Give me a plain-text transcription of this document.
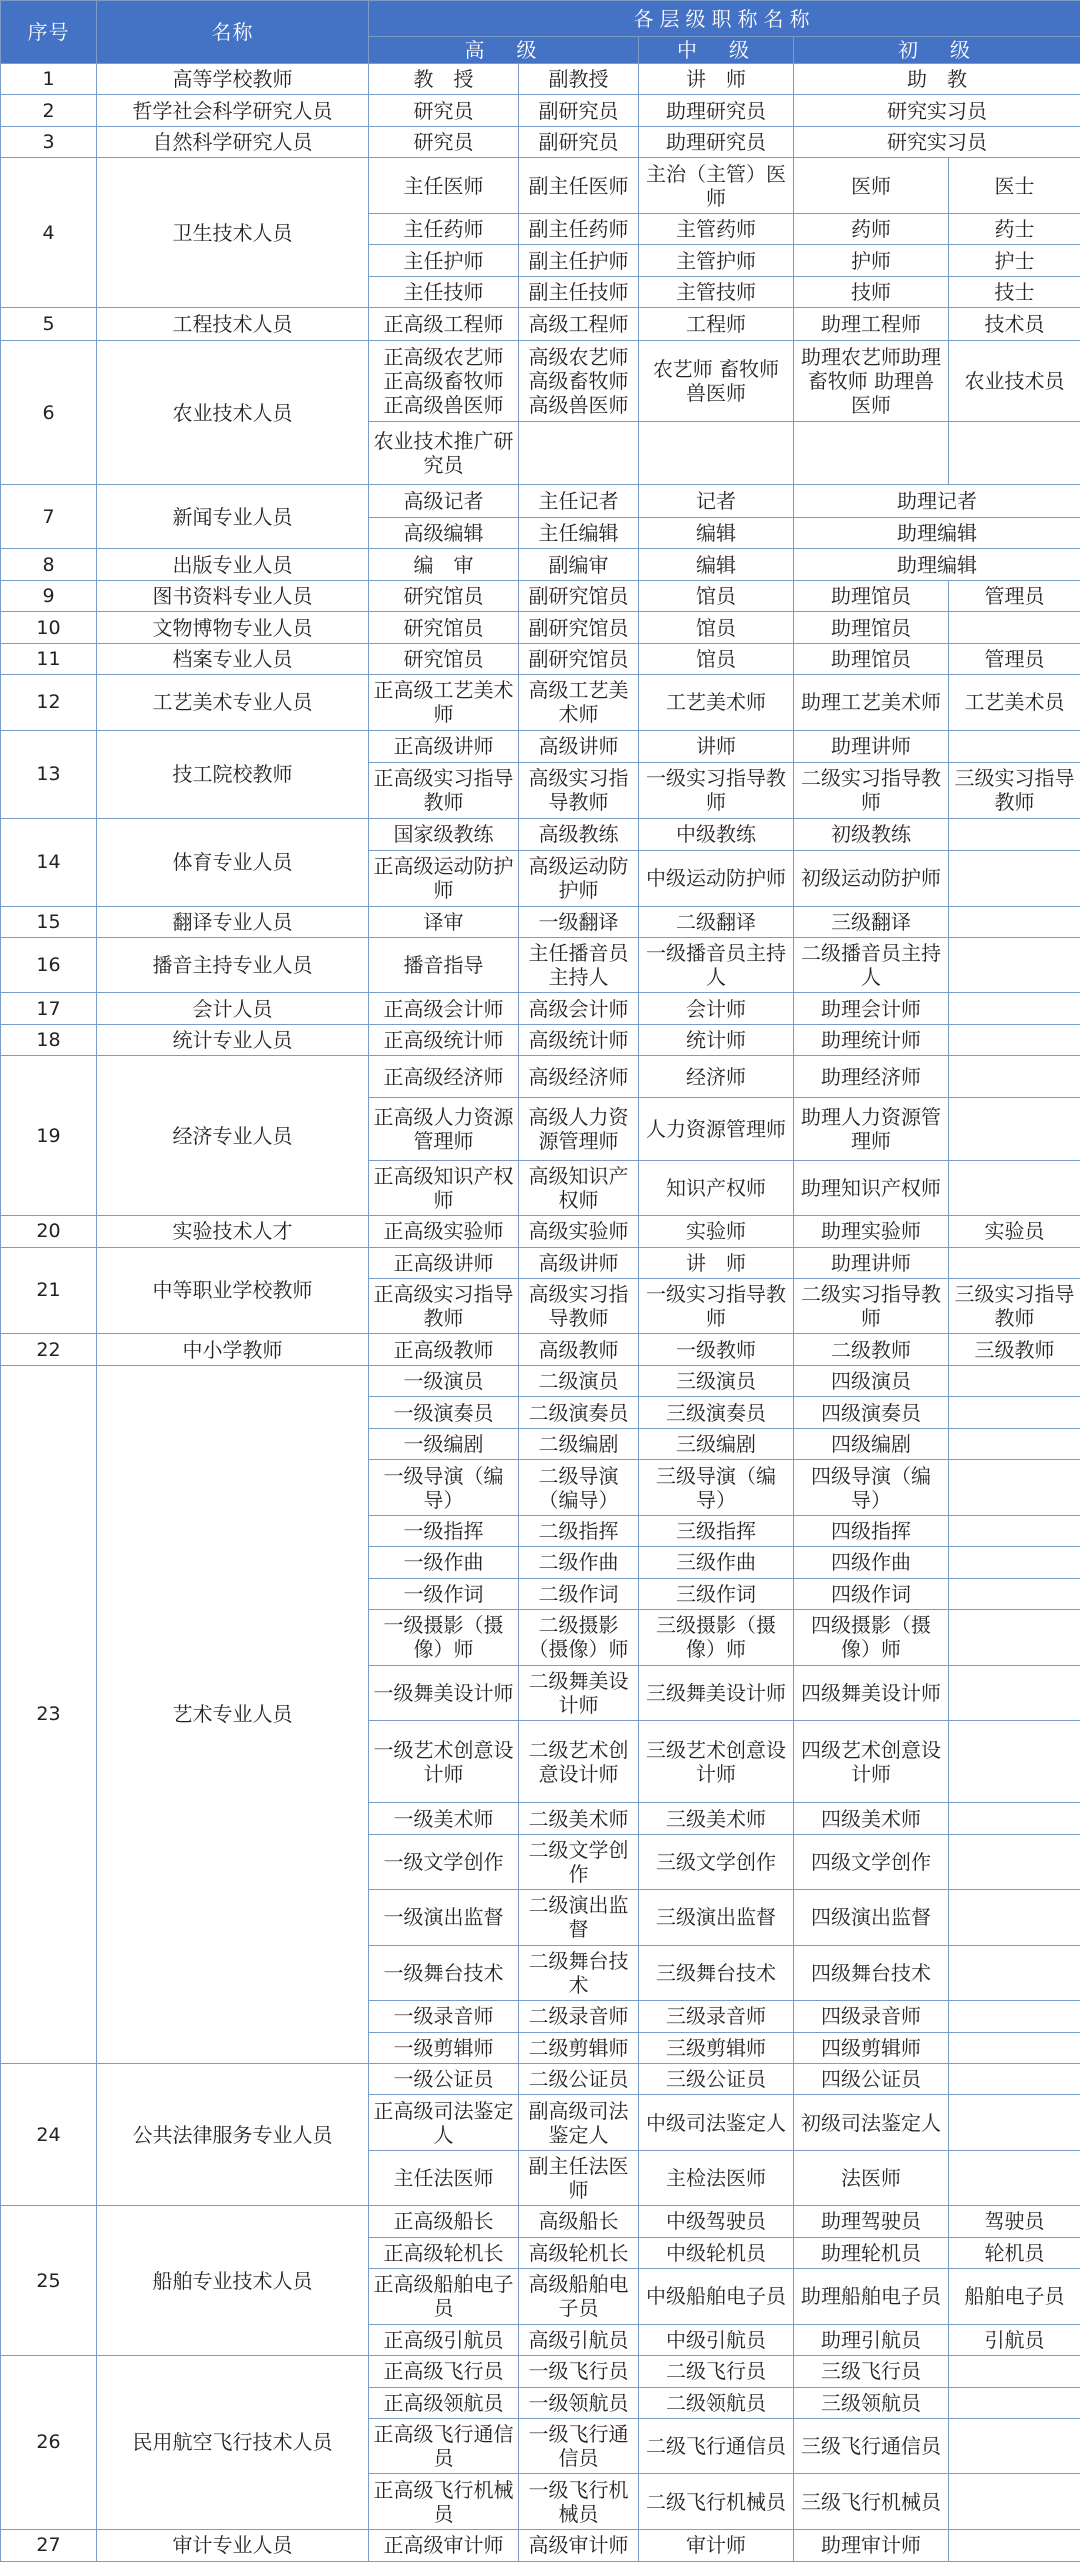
序号	名称	各层级职称名称				
		高　级		中　级	初　级	
1	高等学校教师	教　授	副教授	讲　师	助　教	
2	哲学社会科学研究人员	研究员	副研究员	助理研究员	研究实习员	
3	自然科学研究人员	研究员	副研究员	助理研究员	研究实习员	
4	卫生技术人员	主任医师	副主任医师	主治（主管）医师	医师	医士
		主任药师	副主任药师	主管药师	药师	药士
		主任护师	副主任护师	主管护师	护师	护士
		主任技师	副主任技师	主管技师	技师	技士
5	工程技术人员	正高级工程师	高级工程师	工程师	助理工程师	技术员
6	农业技术人员	正高级农艺师 正高级畜牧师 正高级兽医师	高级农艺师 高级畜牧师 高级兽医师	农艺师 畜牧师 兽医师	助理农艺师助理畜牧师 助理兽医师	农业技术员
		农业技术推广研究员				
7	新闻专业人员	高级记者	主任记者	记者	助理记者	
		高级编辑	主任编辑	编辑	助理编辑	
8	出版专业人员	编　审	副编审	编辑	助理编辑	
9	图书资料专业人员	研究馆员	副研究馆员	馆员	助理馆员	管理员
10	文物博物专业人员	研究馆员	副研究馆员	馆员	助理馆员	
11	档案专业人员	研究馆员	副研究馆员	馆员	助理馆员	管理员
12	工艺美术专业人员	正高级工艺美术师	高级工艺美术师	工艺美术师	助理工艺美术师	工艺美术员
13	技工院校教师	正高级讲师	高级讲师	讲师	助理讲师	
		正高级实习指导教师	高级实习指导教师	一级实习指导教师	二级实习指导教师	三级实习指导教师
14	体育专业人员	国家级教练	高级教练	中级教练	初级教练	
		正高级运动防护师	高级运动防护师	中级运动防护师	初级运动防护师	
15	翻译专业人员	译审	一级翻译	二级翻译	三级翻译	
16	播音主持专业人员	播音指导	主任播音员主持人	一级播音员主持人	二级播音员主持人	
17	会计人员	正高级会计师	高级会计师	会计师	助理会计师	
18	统计专业人员	正高级统计师	高级统计师	统计师	助理统计师	
19	经济专业人员	正高级经济师	高级经济师	经济师	助理经济师	
		正高级人力资源管理师	高级人力资源管理师	人力资源管理师	助理人力资源管理师	
		正高级知识产权师	高级知识产权师	知识产权师	助理知识产权师	
20	实验技术人才	正高级实验师	高级实验师	实验师	助理实验师	实验员
21	中等职业学校教师	正高级讲师	高级讲师	讲　师	助理讲师	
		正高级实习指导教师	高级实习指导教师	一级实习指导教师	二级实习指导教师	三级实习指导教师
22	中小学教师	正高级教师	高级教师	一级教师	二级教师	三级教师
23	艺术专业人员	一级演员	二级演员	三级演员	四级演员	
		一级演奏员	二级演奏员	三级演奏员	四级演奏员	
		一级编剧	二级编剧	三级编剧	四级编剧	
		一级导演（编导）	二级导演（编导）	三级导演（编导）	四级导演（编导）	
		一级指挥	二级指挥	三级指挥	四级指挥	
		一级作曲	二级作曲	三级作曲	四级作曲	
		一级作词	二级作词	三级作词	四级作词	
		一级摄影（摄像）师	二级摄影（摄像）师	三级摄影（摄像）师	四级摄影（摄像）师	
		一级舞美设计师	二级舞美设计师	三级舞美设计师	四级舞美设计师	
		一级艺术创意设计师	二级艺术创意设计师	三级艺术创意设计师	四级艺术创意设计师	
		一级美术师	二级美术师	三级美术师	四级美术师	
		一级文学创作	二级文学创作	三级文学创作	四级文学创作	
		一级演出监督	二级演出监督	三级演出监督	四级演出监督	
		一级舞台技术	二级舞台技术	三级舞台技术	四级舞台技术	
		一级录音师	二级录音师	三级录音师	四级录音师	
		一级剪辑师	二级剪辑师	三级剪辑师	四级剪辑师	
24	公共法律服务专业人员	一级公证员	二级公证员	三级公证员	四级公证员	
		正高级司法鉴定人	副高级司法鉴定人	中级司法鉴定人	初级司法鉴定人	
		主任法医师	副主任法医师	主检法医师	法医师	
25	船舶专业技术人员	正高级船长	高级船长	中级驾驶员	助理驾驶员	驾驶员
		正高级轮机长	高级轮机长	中级轮机员	助理轮机员	轮机员
		正高级船舶电子员	高级船舶电子员	中级船舶电子员	助理船舶电子员	船舶电子员
		正高级引航员	高级引航员	中级引航员	助理引航员	引航员
26	民用航空飞行技术人员	正高级飞行员	一级飞行员	二级飞行员	三级飞行员	
		正高级领航员	一级领航员	二级领航员	三级领航员	
		正高级飞行通信员	一级飞行通信员	二级飞行通信员	三级飞行通信员	
		正高级飞行机械员	一级飞行机械员	二级飞行机械员	三级飞行机械员	
27	审计专业人员	正高级审计师	高级审计师	审计师	助理审计师	
